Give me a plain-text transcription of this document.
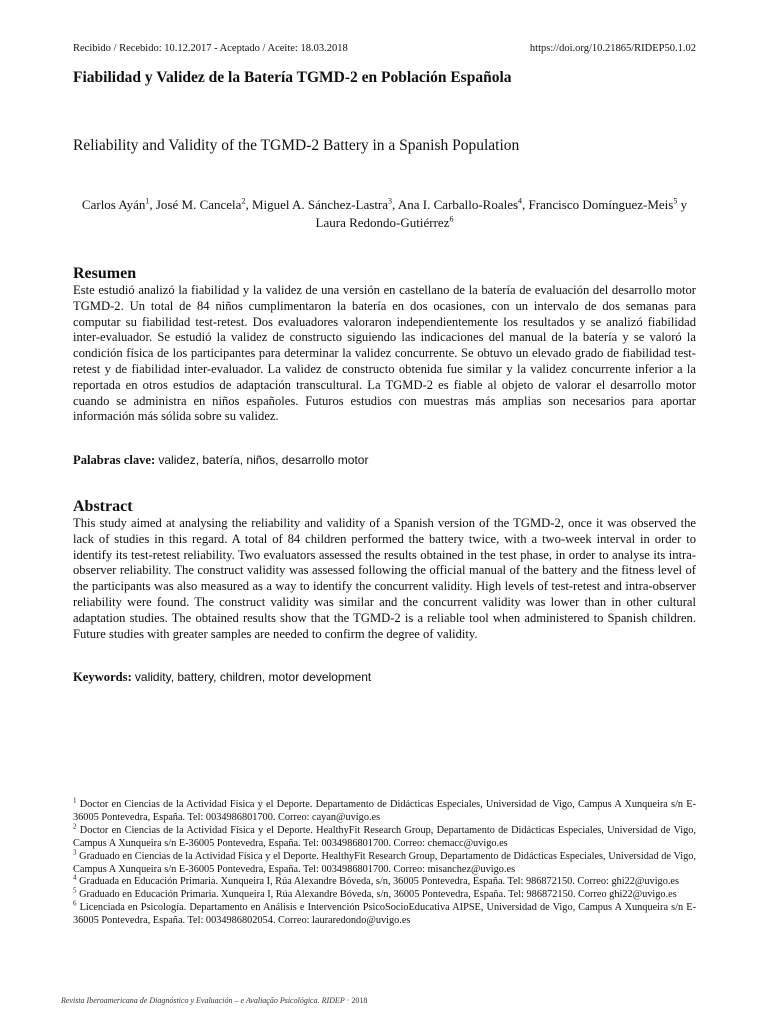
Recibido / Recebido: 10.12.2017 - Aceptado / Aceite: 18.03.2018	https://doi.org/10.21865/RIDEP50.1.02
Fiabilidad y Validez de la Batería TGMD-2 en Población Española
Reliability and Validity of the TGMD-2 Battery in a Spanish Population
Carlos Ayán$^1$, José M. Cancela$^2$, Miguel A. Sánchez-Lastra$^3$, Ana I. Carballo-Roales$^4$, Francisco Domínguez-Meis$^5$ y Laura Redondo-Gutiérrez$^6$
Resumen
Este estudió analizó la fiabilidad y la validez de una versión en castellano de la batería de evaluación del desarrollo motor TGMD-2. Un total de 84 niños cumplimentaron la batería en dos ocasiones, con un intervalo de dos semanas para computar su fiabilidad test-retest. Dos evaluadores valoraron independientemente los resultados y se analizó fiabilidad inter-evaluador. Se estudió la validez de constructo siguiendo las indicaciones del manual de la batería y se valoró la condición física de los participantes para determinar la validez concurrente. Se obtuvo un elevado grado de fiabilidad test-retest y de fiabilidad inter-evaluador. La validez de constructo obtenida fue similar y la validez concurrente inferior a la reportada en otros estudios de adaptación transcultural. La TGMD-2 es fiable al objeto de valorar el desarrollo motor cuando se administra en niños españoles. Futuros estudios con muestras más amplias son necesarios para aportar información más sólida sobre su validez.
Palabras clave: validez, batería, niños, desarrollo motor
Abstract
This study aimed at analysing the reliability and validity of a Spanish version of the TGMD-2, once it was observed the lack of studies in this regard. A total of 84 children performed the battery twice, with a two-week interval in order to identify its test-retest reliability. Two evaluators assessed the results obtained in the test phase, in order to analyse its intra-observer reliability. The construct validity was assessed following the official manual of the battery and the fitness level of the participants was also measured as a way to identify the concurrent validity. High levels of test-retest and intra-observer reliability were found. The construct validity was similar and the concurrent validity was lower than in other cultural adaptation studies. The obtained results show that the TGMD-2 is a reliable tool when administered to Spanish children. Future studies with greater samples are needed to confirm the degree of validity.
Keywords: validity, battery, children, motor development

$^1$ Doctor en Ciencias de la Actividad Física y el Deporte. Departamento de Didácticas Especiales, Universidad de Vigo, Campus A Xunqueira s/n E-36005 Pontevedra, España. Tel: 0034986801700. Correo: cayan@uvigo.es

$^2$ Doctor en Ciencias de la Actividad Física y el Deporte. HealthyFit Research Group, Departamento de Didácticas Especiales, Universidad de Vigo, Campus A Xunqueira s/n E-36005 Pontevedra, España. Tel: 0034986801700. Correo: chemacc@uvigo.es

$^3$ Graduado en Ciencias de la Actividad Física y el Deporte. HealthyFit Research Group, Departamento de Didácticas Especiales, Universidad de Vigo, Campus A Xunqueira s/n E-36005 Pontevedra, España. Tel: 0034986801700. Correo: misanchez@uvigo.es

$^4$ Graduada en Educación Primaria. Xunqueira I, Rúa Alexandre Bóveda, s/n, 36005 Pontevedra, España. Tel: 986872150. Correo: ghi22@uvigo.es

$^5$ Graduado en Educación Primaria. Xunqueira I, Rúa Alexandre Bóveda, s/n, 36005 Pontevedra, España. Tel: 986872150. Correo ghi22@uvigo.es

$^6$ Licenciada en Psicología. Departamento en Análisis e Intervención PsicoSocioEducativa AIPSE, Universidad de Vigo, Campus A Xunqueira s/n E-36005 Pontevedra, España. Tel: 0034986802054. Correo: lauraredondo@uvigo.es

Revista Iberoamericana de Diagnóstico y Evaluación – e Avaliação Psicológica. RIDEP · 2018
